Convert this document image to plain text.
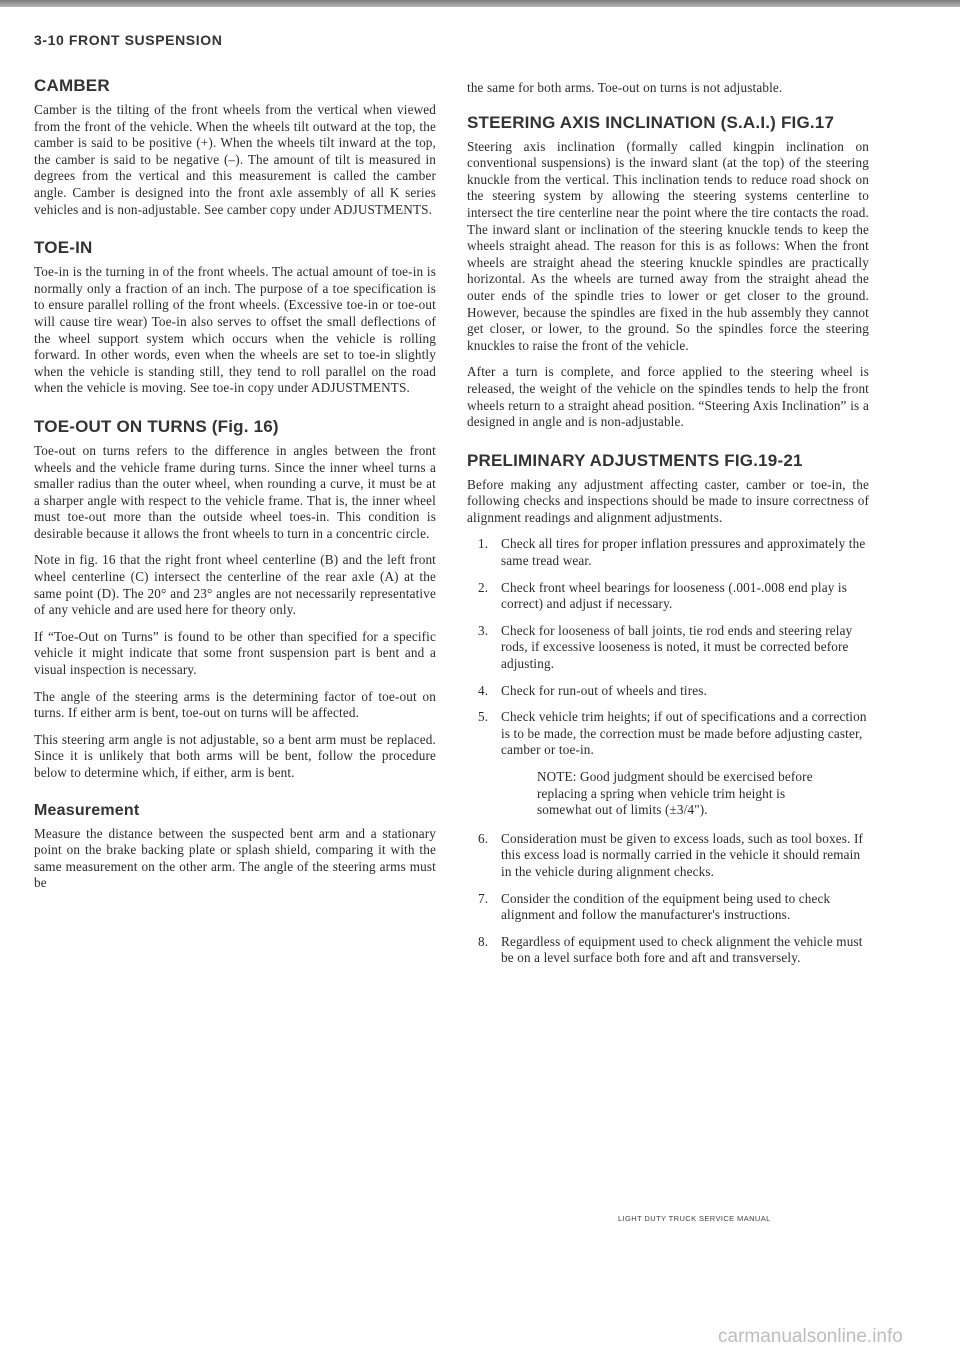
3-10 FRONT SUSPENSION
CAMBER

Camber is the tilting of the front wheels from the vertical when viewed from the front of the vehicle. When the wheels tilt outward at the top, the camber is said to be positive (+). When the wheels tilt inward at the top, the camber is said to be negative (–). The amount of tilt is measured in degrees from the vertical and this measurement is called the camber angle. Camber is designed into the front axle assembly of all K series vehicles and is non-adjustable. See camber copy under ADJUSTMENTS.

TOE-IN

Toe-in is the turning in of the front wheels. The actual amount of toe-in is normally only a fraction of an inch. The purpose of a toe specification is to ensure parallel rolling of the front wheels. (Excessive toe-in or toe-out will cause tire wear) Toe-in also serves to offset the small deflections of the wheel support system which occurs when the vehicle is rolling forward. In other words, even when the wheels are set to toe-in slightly when the vehicle is standing still, they tend to roll parallel on the road when the vehicle is moving. See toe-in copy under ADJUSTMENTS.

TOE-OUT ON TURNS (Fig. 16)

Toe-out on turns refers to the difference in angles between the front wheels and the vehicle frame during turns. Since the inner wheel turns a smaller radius than the outer wheel, when rounding a curve, it must be at a sharper angle with respect to the vehicle frame. That is, the inner wheel must toe-out more than the outside wheel toes-in. This condition is desirable because it allows the front wheels to turn in a concentric circle.

Note in fig. 16 that the right front wheel centerline (B) and the left front wheel centerline (C) intersect the centerline of the rear axle (A) at the same point (D). The 20° and 23° angles are not necessarily representative of any vehicle and are used here for theory only.

If “Toe-Out on Turns” is found to be other than specified for a specific vehicle it might indicate that some front suspension part is bent and a visual inspection is necessary.

The angle of the steering arms is the determining factor of toe-out on turns. If either arm is bent, toe-out on turns will be affected.

This steering arm angle is not adjustable, so a bent arm must be replaced. Since it is unlikely that both arms will be bent, follow the procedure below to determine which, if either, arm is bent.

Measurement

Measure the distance between the suspected bent arm and a stationary point on the brake backing plate or splash shield, comparing it with the same measurement on the other arm. The angle of the steering arms must be

the same for both arms. Toe-out on turns is not adjustable.

STEERING AXIS INCLINATION (S.A.I.) FIG.17

Steering axis inclination (formally called kingpin inclination on conventional suspensions) is the inward slant (at the top) of the steering knuckle from the vertical. This inclination tends to reduce road shock on the steering system by allowing the steering systems centerline to intersect the tire centerline near the point where the tire contacts the road. The inward slant or inclination of the steering knuckle tends to keep the wheels straight ahead. The reason for this is as follows: When the front wheels are straight ahead the steering knuckle spindles are practically horizontal. As the wheels are turned away from the straight ahead the outer ends of the spindle tries to lower or get closer to the ground. However, because the spindles are fixed in the hub assembly they cannot get closer, or lower, to the ground. So the spindles force the steering knuckles to raise the front of the vehicle.

After a turn is complete, and force applied to the steering wheel is released, the weight of the vehicle on the spindles tends to help the front wheels return to a straight ahead position. “Steering Axis Inclination” is a designed in angle and is non-adjustable.

PRELIMINARY ADJUSTMENTS FIG.19-21

Before making any adjustment affecting caster, camber or toe-in, the following checks and inspections should be made to insure correctness of alignment readings and alignment adjustments.

1. Check all tires for proper inflation pressures and approximately the same tread wear.
2. Check front wheel bearings for looseness (.001-.008 end play is correct) and adjust if necessary.
3. Check for looseness of ball joints, tie rod ends and steering relay rods, if excessive looseness is noted, it must be corrected before adjusting.
4. Check for run-out of wheels and tires.
5. Check vehicle trim heights; if out of specifications and a correction is to be made, the correction must be made before adjusting caster, camber or toe-in.
NOTE: Good judgment should be exercised before replacing a spring when vehicle trim height is somewhat out of limits (±3/4").
6. Consideration must be given to excess loads, such as tool boxes. If this excess load is normally carried in the vehicle it should remain in the vehicle during alignment checks.
7. Consider the condition of the equipment being used to check alignment and follow the manufacturer's instructions.
8. Regardless of equipment used to check alignment the vehicle must be on a level surface both fore and aft and transversely.
LIGHT DUTY TRUCK SERVICE MANUAL
carmanualsonline.info
